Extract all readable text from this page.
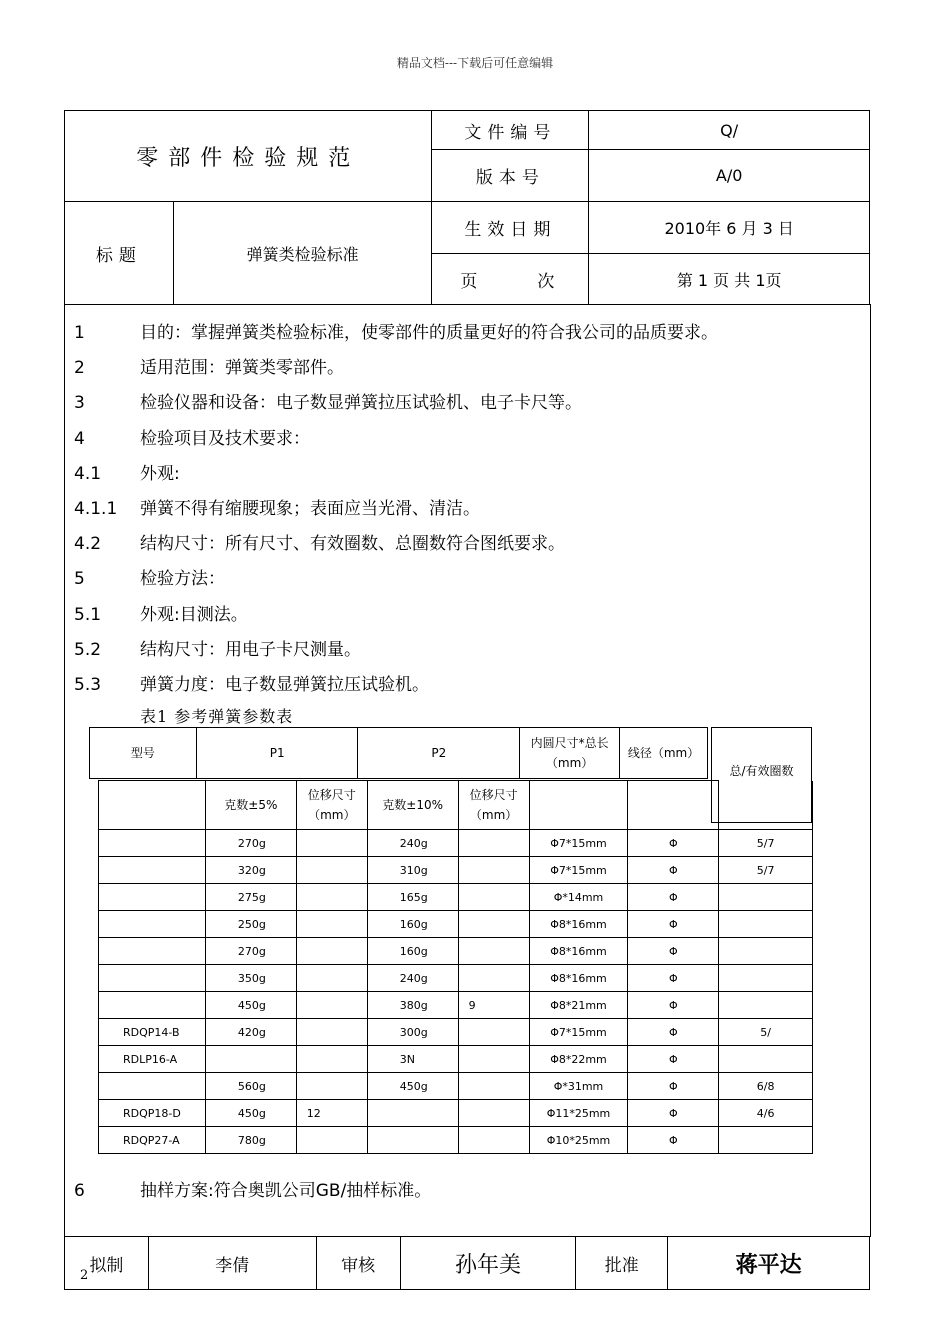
精品文档---下载后可任意编辑
零部件检验规范		文件编号	Q/
		版本号	A/0
标题	弹簧类检验标准	生效日期	2010年 6 月 3 日
		页 次	第 1 页 共 1页
1	目的：掌握弹簧类检验标准，使零部件的质量更好的符合我公司的品质要求。
2	适用范围：弹簧类零部件。
3	检验仪器和设备：电子数显弹簧拉压试验机、电子卡尺等。
4	检验项目及技术要求：
4.1 外观:
4.1.1 弹簧不得有缩腰现象；表面应当光滑、清洁。
4.2 结构尺寸：所有尺寸、有效圈数、总圈数符合图纸要求。
5	检验方法：
5.1 外观:目测法。
5.2 结构尺寸：用电子卡尺测量。
5.3 弹簧力度：电子数显弹簧拉压试验机。
表1 参考弹簧参数表
型号	P1	P2	内圆尺寸*总长（mm）	线径（mm）
总/有效圈数
	克数±5%	位移尺寸（mm）	克数±10%	位移尺寸（mm）			
	270g		240g		Φ7*15mm	Φ	5/7
	320g		310g		Φ7*15mm	Φ	5/7
	275g		165g		Φ*14mm	Φ	
	250g		160g		Φ8*16mm	Φ	
	270g		160g		Φ8*16mm	Φ	
	350g		240g		Φ8*16mm	Φ	
	450g		380g	9	Φ8*21mm	Φ	
RDQP14-B	420g		300g		Φ7*15mm	Φ	5/
RDLP16-A			3N		Φ8*22mm	Φ	
	560g		450g		Φ*31mm	Φ	6/8
RDQP18-D	450g	12			Φ11*25mm	Φ	4/6
RDQP27-A	780g				Φ10*25mm	Φ	
6	抽样方案:符合奥凯公司GB/抽样标准。
拟制	李倩	审核	孙年美	批准	蒋平达
2
